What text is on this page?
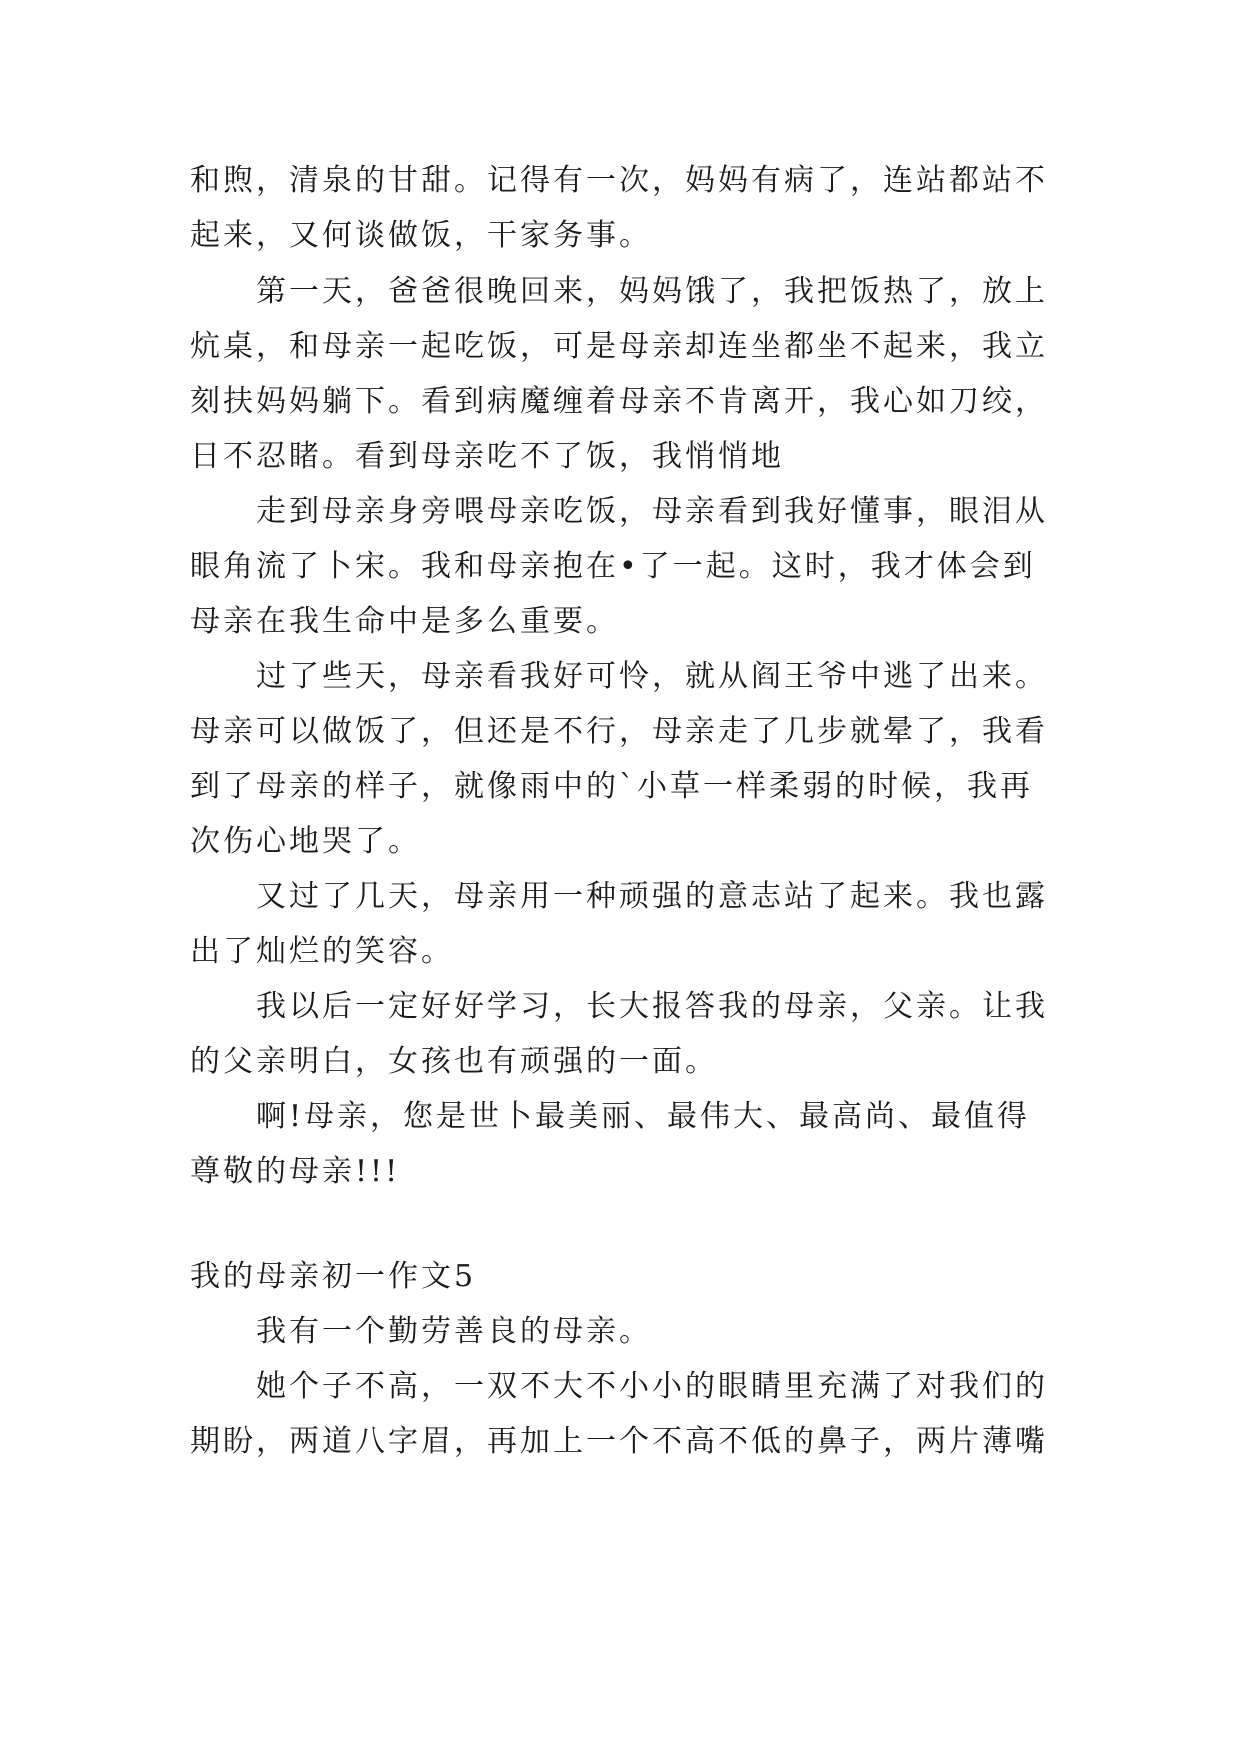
和煦，清泉的甘甜。记得有一次，妈妈有病了，连站都站不
起来，又何谈做饭，干家务事。
第一天，爸爸很晚回来，妈妈饿了，我把饭热了，放上
炕桌，和母亲一起吃饭，可是母亲却连坐都坐不起来，我立
刻扶妈妈躺下。看到病魔缠着母亲不肯离开，我心如刀绞，
日不忍睹。看到母亲吃不了饭，我悄悄地
走到母亲身旁喂母亲吃饭，母亲看到我好懂事，眼泪从
眼角流了卜宋。我和母亲抱在•了一起。这时，我才体会到
母亲在我生命中是多么重要。
过了些天，母亲看我好可怜，就从阎王爷中逃了出来。
母亲可以做饭了，但还是不行，母亲走了几步就晕了，我看
到了母亲的样子，就像雨中的`小草一样柔弱的时候，我再
次伤心地哭了。
又过了几天，母亲用一种顽强的意志站了起来。我也露
出了灿烂的笑容。
我以后一定好好学习，长大报答我的母亲，父亲。让我
的父亲明白，女孩也有顽强的一面。
啊!母亲，您是世卜最美丽、最伟大、最高尚、最值得
尊敬的母亲!!!
我的母亲初一作文5
我有一个勤劳善良的母亲。
她个子不高，一双不大不小小的眼睛里充满了对我们的
期盼，两道八字眉，再加上一个不高不低的鼻子，两片薄嘴
